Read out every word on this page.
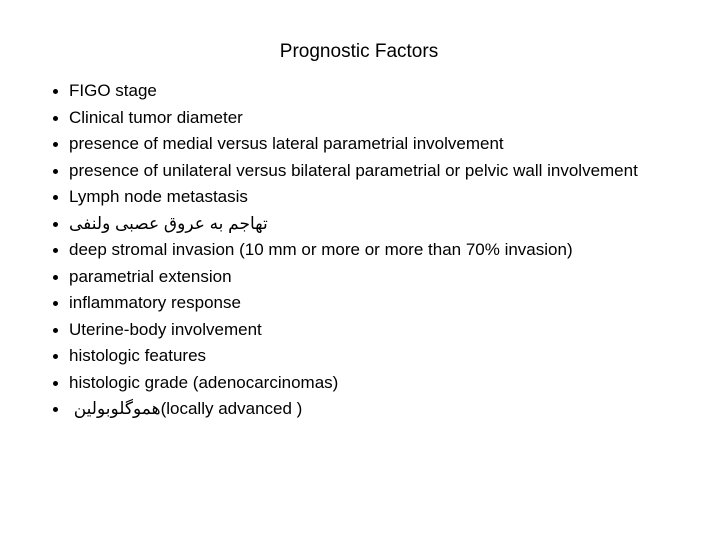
Prognostic Factors
FIGO stage
Clinical tumor diameter
presence of medial versus lateral parametrial involvement
presence of unilateral versus bilateral parametrial or pelvic wall involvement
Lymph node metastasis
تهاجم به عروق عصبی ولنفی
deep stromal invasion (10 mm or more or more than 70% invasion)
parametrial extension
inflammatory response
Uterine-body involvement
histologic features
histologic grade (adenocarcinomas)
هموگلوبولین(locally advanced )
